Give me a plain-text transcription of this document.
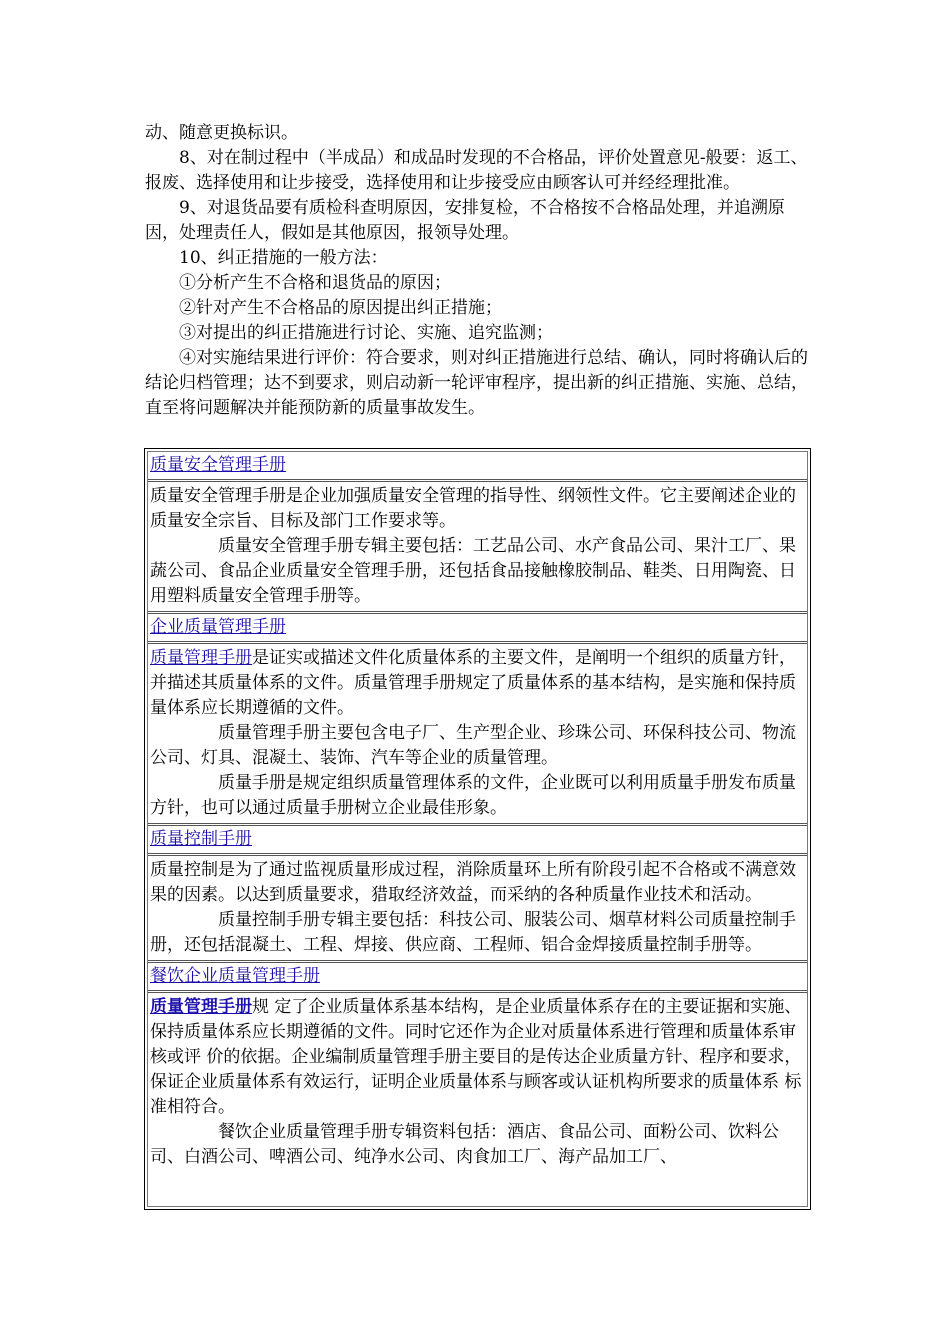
动、随意更换标识。

8、对在制过程中（半成品）和成品时发现的不合格品，评价处置意见-般要：返工、报废、选择使用和让步接受，选择使用和让步接受应由顾客认可并经经理批准。

9、对退货品要有质检科查明原因，安排复检，不合格按不合格品处理，并追溯原因，处理责任人，假如是其他原因，报领导处理。

10、纠正措施的一般方法：

①分析产生不合格和退货品的原因；

②针对产生不合格品的原因提出纠正措施；

③对提出的纠正措施进行讨论、实施、追究监测；

④对实施结果进行评价：符合要求，则对纠正措施进行总结、确认，同时将确认后的结论归档管理；达不到要求，则启动新一轮评审程序，提出新的纠正措施、实施、总结，直至将问题解决并能预防新的质量事故发生。

质量安全管理手册

质量安全管理手册是企业加强质量安全管理的指导性、纲领性文件。它主要阐述企业的质量安全宗旨、目标及部门工作要求等。

质量安全管理手册专辑主要包括：工艺品公司、水产食品公司、果汁工厂、果蔬公司、食品企业质量安全管理手册，还包括食品接触橡胶制品、鞋类、日用陶瓷、日用塑料质量安全管理手册等。

企业质量管理手册

质量管理手册是证实或描述文件化质量体系的主要文件，是阐明一个组织的质量方针，并描述其质量体系的文件。质量管理手册规定了质量体系的基本结构，是实施和保持质量体系应长期遵循的文件。

质量管理手册主要包含电子厂、生产型企业、珍珠公司、环保科技公司、物流公司、灯具、混凝土、装饰、汽车等企业的质量管理。

质量手册是规定组织质量管理体系的文件，企业既可以利用质量手册发布质量方针，也可以通过质量手册树立企业最佳形象。

质量控制手册

质量控制是为了通过监视质量形成过程，消除质量环上所有阶段引起不合格或不满意效果的因素。以达到质量要求，猎取经济效益，而采纳的各种质量作业技术和活动。

质量控制手册专辑主要包括：科技公司、服装公司、烟草材料公司质量控制手册，还包括混凝土、工程、焊接、供应商、工程师、铝合金焊接质量控制手册等。

餐饮企业质量管理手册

质量管理手册规 定了企业质量体系基本结构，是企业质量体系存在的主要证据和实施、保持质量体系应长期遵循的文件。同时它还作为企业对质量体系进行管理和质量体系审核或评 价的依据。企业编制质量管理手册主要目的是传达企业质量方针、程序和要求，保证企业质量体系有效运行，证明企业质量体系与顾客或认证机构所要求的质量体系 标准相符合。

餐饮企业质量管理手册专辑资料包括：酒店、食品公司、面粉公司、饮料公司、白酒公司、啤酒公司、纯净水公司、肉食加工厂、海产品加工厂、
